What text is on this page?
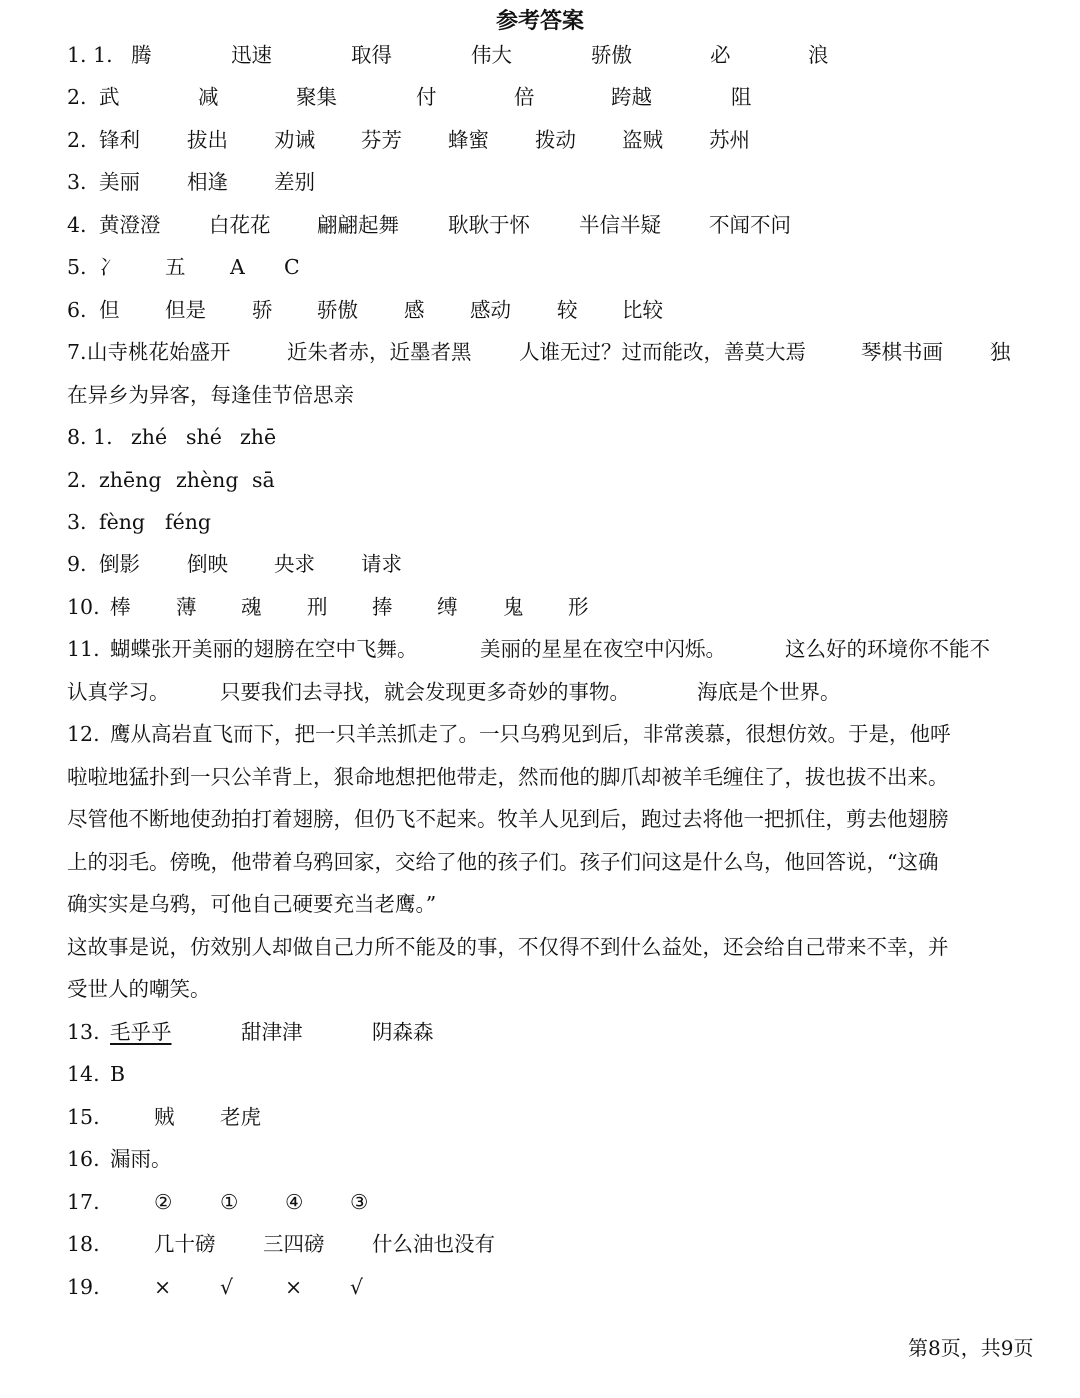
参考答案
1. 1. 腾	迅速	取得	伟大	骄傲	必	浪
2. 武	减	聚集	付	倍	跨越	阻
2. 锋利 拔出 劝诫 芬芳 蜂蜜 拨动 盗贼 苏州
3. 美丽 相逢 差别
4. 黄澄澄 白花花 翩翩起舞 耿耿于怀 半信半疑 不闻不问
5. 冫 五 A C
6. 但 但是 骄 骄傲 感 感动 较 比较
7. 山寺桃花始盛开	近朱者赤，近墨者黑 人谁无过？过而能改，善莫大焉	琴棋书画 独
在异乡为异客，每逢佳节倍思亲
8. 1. zhé shé zhē
2. zhēng zhèng sā
3. fèng féng
9. 倒影 倒映 央求 请求
10. 棒 薄 魂 刑 捧 缚 鬼 形
11. 蝴蝶张开美丽的翅膀在空中飞舞。	美丽的星星在夜空中闪烁。	这么好的环境你不能不
认真学习。 只要我们去寻找，就会发现更多奇妙的事物。	海底是个世界。
12. 鹰从高岩直飞而下，把一只羊羔抓走了。一只乌鸦见到后，非常羡慕，很想仿效。于是，他呼
啦啦地猛扑到一只公羊背上，狠命地想把他带走，然而他的脚爪却被羊毛缠住了，拔也拔不出来。
尽管他不断地使劲拍打着翅膀，但仍飞不起来。牧羊人见到后，跑过去将他一把抓住，剪去他翅膀
上的羽毛。傍晚，他带着乌鸦回家，交给了他的孩子们。孩子们问这是什么鸟，他回答说，“这确
确实实是乌鸦，可他自己硬要充当老鹰。”
这故事是说，仿效别人却做自己力所不能及的事，不仅得不到什么益处，还会给自己带来不幸，并
受世人的嘲笑。
13. 毛乎乎	甜津津	阴森森
14. B
15.	贼 老虎
16. 漏雨。
17.	② ① ④ ③
18.	几十磅 三四磅 什么油也没有
19.	× √	× √
第8页，共9页
